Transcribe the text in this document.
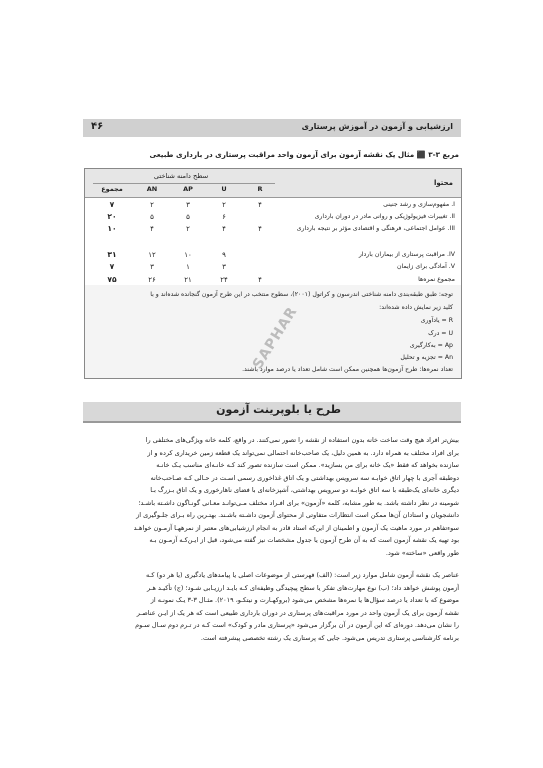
۴۶	ارزشیابی و آزمون در آموزش پرستاری
مربع ۳-۳ ⬛ مثال یک نقشه آزمون برای آزمون واحد مراقبت پرستاری در بارداری طبیعی
محتوا
سطح دامنه شناختی
R
U
AP
AN
مجموع
I. مفهوم‌سازی و رشد جنینی
۴
۲
۳
۲
۷
II. تغییرات فیزیولوژیکی و روانی مادر در دوران بارداری
۶
۵
۵
۲۰
III. عوامل اجتماعی، فرهنگی و اقتصادی مؤثر بر نتیجه بارداری
۴
۴
۲
۴
۱۰
IV. مراقبت پرستاری از بیماران باردار
۹
۱۰
۱۲
۳۱
V. آمادگی برای زایمان
۳
۱
۳
۷
مجموع نمره‌ها
۴
۲۴
۲۱
۲۶
۷۵
توجه: طبق طبقه‌بندی دامنه شناختی اندرسون و کراتول (۲۰۰۱)، سطوح منتخب در این طرح آزمون گنجانده شده‌اند و با
کلید زیر نمایش داده شده‌اند:
R = یادآوری
U = درک
Ap = به‌کارگیری
An = تجزیه و تحلیل
تعداد نمره‌ها: طرح آزمون‌ها همچنین ممکن است شامل تعداد یا درصد موارد باشند.
SAPHAR
طرح یا بلوپرینت آزمون
بیش‌تر افراد هیچ وقت ساخت خانه بدون استفاده از نقشه را تصور نمی‌کنند. در واقع، کلمه خانه ویژگی‌های مختلفی را
برای افراد مختلف به همراه دارد. به همین دلیل، یک صاحب‌خانه احتمالی نمی‌تواند یک قطعه زمین خریداری کرده و از
سازنده بخواهد که فقط «یک خانه برای من بسازید». ممکن است سازنده تصور کند کـه خانـه‌ای مناسب یـک خانـه
دوطبقه آجری با چهار اتاق خوابـه سه سرویس بهداشتی و یک اتاق غذاخوری رسمی اسـت در حـالی کـه صـاحب‌خانه
دیگری خانه‌ای یک‌طبقه با سه اتاق خوابـه دو سرویس بهداشتی، آشپزخانه‌ای با فضای ناهارخوری و یک اتاق بـزرگ بـا
شومینه در نظر داشته باشد. به طور مشابه، کلمه «آزمون» برای افـراد مختلف مـی‌توانـد معـانی گونـاگون داشـته باشـد؛
دانشجویان و استادان آن‌ها ممکن است انتظارات متفاوتی از محتوای آزمون داشـته باشـند. بهتـرین راه بـرای جلـوگیری از
سوءتفاهم در مورد ماهیت یک آزمون و اطمینان از این‌که استاد قادر به انجام ارزشیابی‌های معتبر از نمرههـا آزمـون خواهـد
بود تهیه یک نقشه آزمون است که به آن طرح آزمون یا جدول مشخصات نیز گفته می‌شود، قبل از ایـن‌کـه آزمـون بـه
طور واقعی «ساخته» شود.
عناصر یک نقشه آزمون شامل موارد زیر است: (الف) فهرستی از موضوعات اصلی یا پیامدهای یادگیری (یا هر دو) کـه
آزمون پوشش خواهد داد؛ (ب) نوع مهارت‌های تفکر یا سطح پیچیدگی وظیفه‌ای کـه بایـد ارزیـابی شـود؛ (ج) تأکیـد هـر
موضوع که با تعداد یا درصد سؤال‌ها یا نمره‌ها مشخص می‌شود (بروکهـارت و نیتکـو، ۲۰۱۹). مثـال ۳-۳ یـک نمونـه از
نقشه آزمون برای یک آزمون واحد در مورد مراقبت‌های پرستاری در دوران بارداری طبیعی است که هر یک از ایـن عناصـر
را نشان می‌دهد. دوره‌ای که این آزمون در آن برگزار می‌شود «پرستاری مادر و کودک» است کـه در تـرم دوم سـال سـوم
برنامه کارشناسی پرستاری تدریس می‌شود. جایی که پرستاری یک رشته تخصصی پیشرفته است.
